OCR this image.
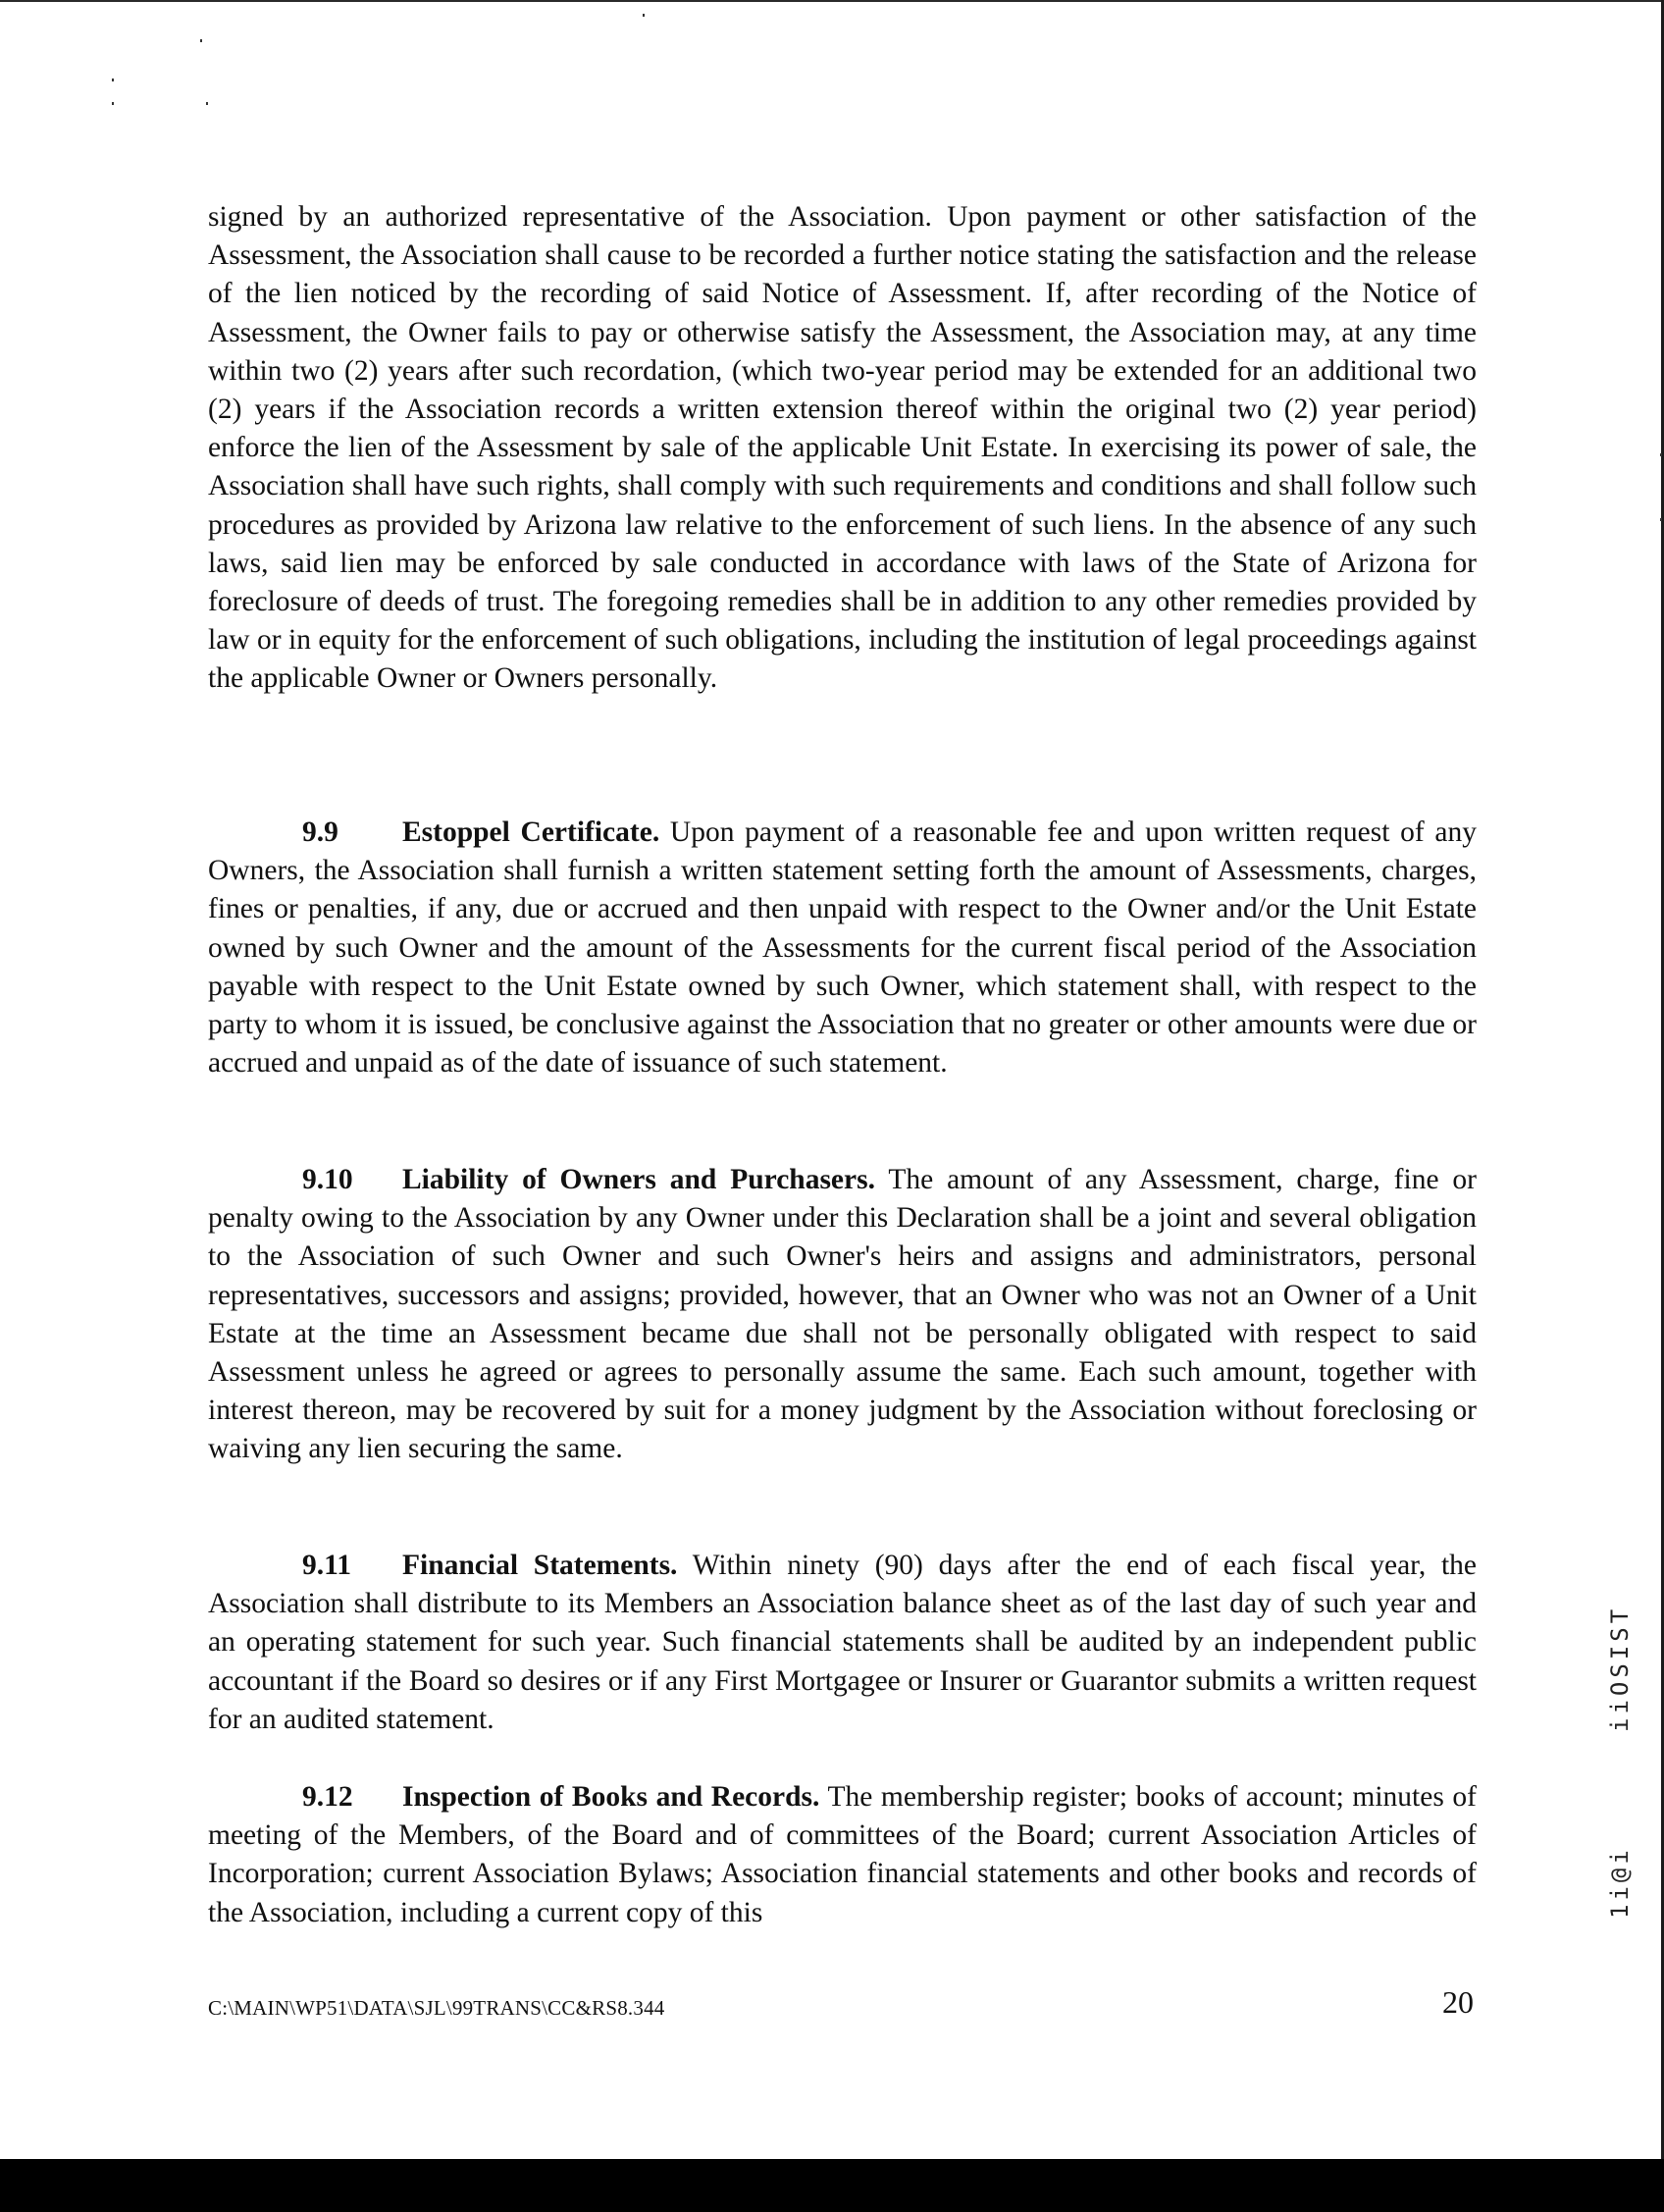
signed by an authorized representative of the Association. Upon payment or other satisfaction of the Assessment, the Association shall cause to be recorded a further notice stating the satisfaction and the release of the lien noticed by the recording of said Notice of Assessment. If, after recording of the Notice of Assessment, the Owner fails to pay or otherwise satisfy the Assessment, the Association may, at any time within two (2) years after such recordation, (which two-year period may be extended for an additional two (2) years if the Association records a written extension thereof within the original two (2) year period) enforce the lien of the Assessment by sale of the applicable Unit Estate. In exercising its power of sale, the Association shall have such rights, shall comply with such requirements and conditions and shall follow such procedures as provided by Arizona law relative to the enforcement of such liens. In the absence of any such laws, said lien may be enforced by sale conducted in accordance with laws of the State of Arizona for foreclosure of deeds of trust. The foregoing remedies shall be in addition to any other remedies provided by law or in equity for the enforcement of such obligations, including the institution of legal proceedings against the applicable Owner or Owners personally.

9.9 Estoppel Certificate. Upon payment of a reasonable fee and upon written request of any Owners, the Association shall furnish a written statement setting forth the amount of Assessments, charges, fines or penalties, if any, due or accrued and then unpaid with respect to the Owner and/or the Unit Estate owned by such Owner and the amount of the Assessments for the current fiscal period of the Association payable with respect to the Unit Estate owned by such Owner, which statement shall, with respect to the party to whom it is issued, be conclusive against the Association that no greater or other amounts were due or accrued and unpaid as of the date of issuance of such statement.

9.10 Liability of Owners and Purchasers. The amount of any Assessment, charge, fine or penalty owing to the Association by any Owner under this Declaration shall be a joint and several obligation to the Association of such Owner and such Owner's heirs and assigns and administrators, personal representatives, successors and assigns; provided, however, that an Owner who was not an Owner of a Unit Estate at the time an Assessment became due shall not be personally obligated with respect to said Assessment unless he agreed or agrees to personally assume the same. Each such amount, together with interest thereon, may be recovered by suit for a money judgment by the Association without foreclosing or waiving any lien securing the same.

9.11 Financial Statements. Within ninety (90) days after the end of each fiscal year, the Association shall distribute to its Members an Association balance sheet as of the last day of such year and an operating statement for such year. Such financial statements shall be audited by an independent public accountant if the Board so desires or if any First Mortgagee or Insurer or Guarantor submits a written request for an audited statement.

9.12 Inspection of Books and Records. The membership register; books of account; minutes of meeting of the Members, of the Board and of committees of the Board; current Association Articles of Incorporation; current Association Bylaws; Association financial statements and other books and records of the Association, including a current copy of this

C:\MAIN\WP51\DATA\SJL\99TRANS\CC&RS8.344	20
iiOSIST
1i@i
